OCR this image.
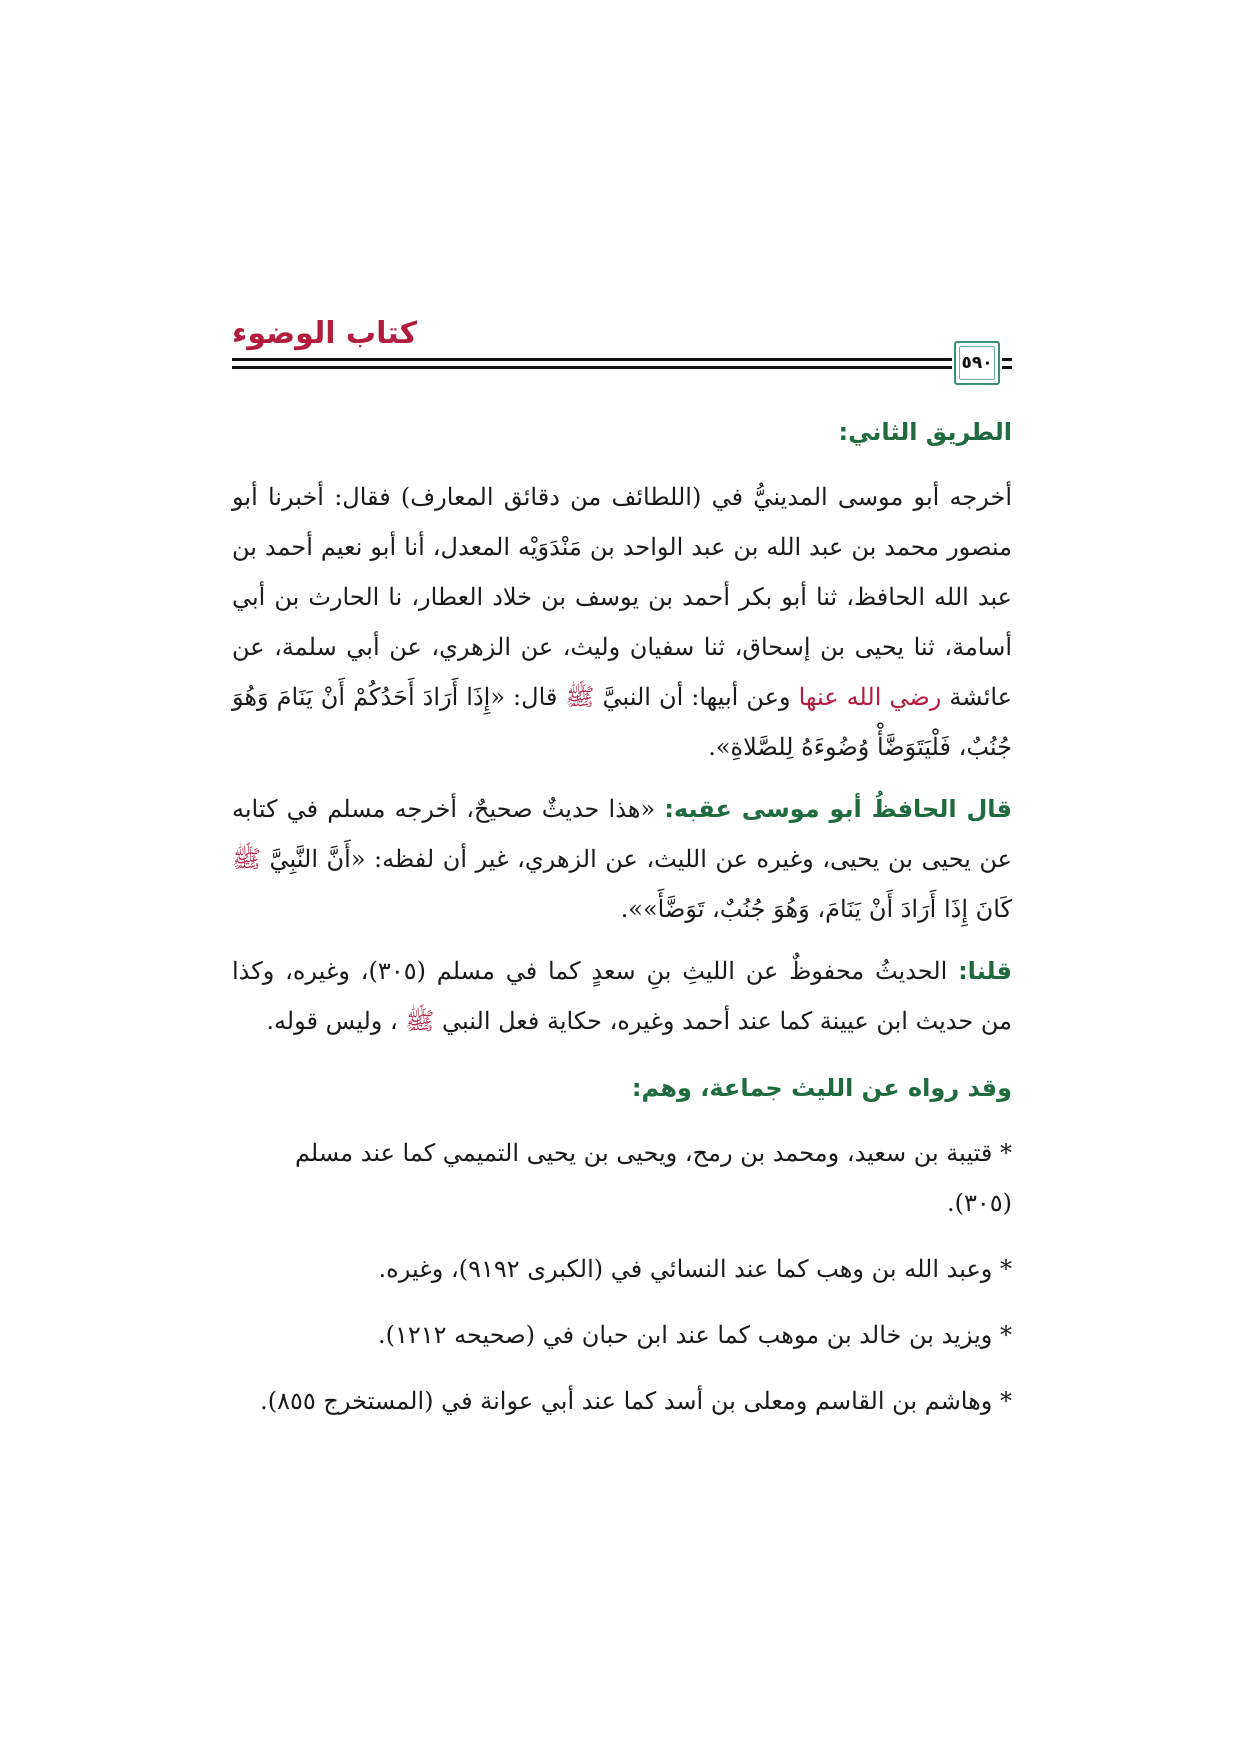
كتاب الوضوء
٥٩٠
الطريق الثاني:

أخرجه أبو موسى المدينيُّ في (اللطائف من دقائق المعارف) فقال: أخبرنا أبو منصور محمد بن عبد الله بن عبد الواحد بن مَنْدَوَيْه المعدل، أنا أبو نعيم أحمد بن عبد الله الحافظ، ثنا أبو بكر أحمد بن يوسف بن خلاد العطار، نا الحارث بن أبي أسامة، ثنا يحيى بن إسحاق، ثنا سفيان وليث، عن الزهري، عن أبي سلمة، عن عائشة رضي الله عنها وعن أبيها: أن النبيَّ ﷺ قال: «إِذَا أَرَادَ أَحَدُكُمْ أَنْ يَنَامَ وَهُوَ جُنُبٌ، فَلْيَتَوَضَّأْ وُضُوءَهُ لِلصَّلاةِ».

قال الحافظُ أبو موسى عقبه: «هذا حديثٌ صحيحٌ، أخرجه مسلم في كتابه عن يحيى بن يحيى، وغيره عن الليث، عن الزهري، غير أن لفظه: «أَنَّ النَّبِيَّ ﷺ كَانَ إِذَا أَرَادَ أَنْ يَنَامَ، وَهُوَ جُنُبٌ، تَوَضَّأَ»».

قلنا: الحديثُ محفوظٌ عن الليثِ بنِ سعدٍ كما في مسلم (٣٠٥)، وغيره، وكذا من حديث ابن عيينة كما عند أحمد وغيره، حكاية فعل النبي ﷺ ، وليس قوله.

وقد رواه عن الليث جماعة، وهم:

* قتيبة بن سعيد، ومحمد بن رمح، ويحيى بن يحيى التميمي كما عند مسلم (٣٠٥).

* وعبد الله بن وهب كما عند النسائي في (الكبرى ٩١٩٢)، وغيره.

* ويزيد بن خالد بن موهب كما عند ابن حبان في (صحيحه ١٢١٢).

* وهاشم بن القاسم ومعلى بن أسد كما عند أبي عوانة في (المستخرج ٨٥٥).
